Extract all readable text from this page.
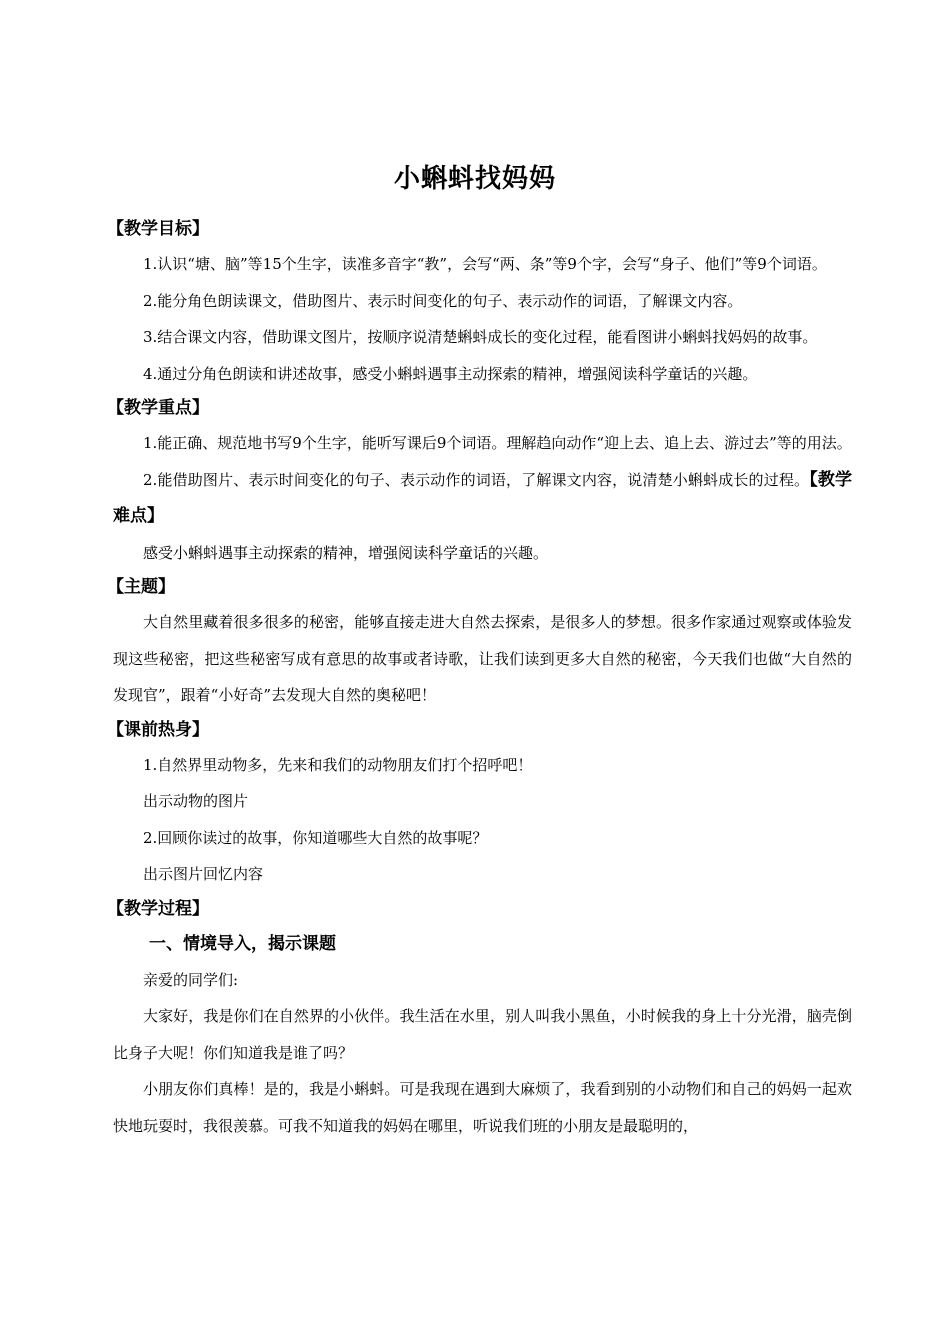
小蝌蚪找妈妈
【教学目标】

1.认识“塘、脑”等15个生字，读准多音字“教”，会写“两、条”等9个字，会写“身子、他们”等9个词语。

2.能分角色朗读课文，借助图片、表示时间变化的句子、表示动作的词语，了解课文内容。

3.结合课文内容，借助课文图片，按顺序说清楚蝌蚪成长的变化过程，能看图讲小蝌蚪找妈妈的故事。

4.通过分角色朗读和讲述故事，感受小蝌蚪遇事主动探索的精神，增强阅读科学童话的兴趣。

【教学重点】

1.能正确、规范地书写9个生字，能听写课后9个词语。理解趋向动作“迎上去、追上去、游过去”等的用法。

2.能借助图片、表示时间变化的句子、表示动作的词语，了解课文内容，说清楚小蝌蚪成长的过程。【教学难点】

感受小蝌蚪遇事主动探索的精神，增强阅读科学童话的兴趣。

【主题】

大自然里藏着很多很多的秘密，能够直接走进大自然去探索，是很多人的梦想。很多作家通过观察或体验发现这些秘密，把这些秘密写成有意思的故事或者诗歌，让我们读到更多大自然的秘密，今天我们也做“大自然的发现官”，跟着“小好奇”去发现大自然的奥秘吧！

【课前热身】

1.自然界里动物多，先来和我们的动物朋友们打个招呼吧！

出示动物的图片

2.回顾你读过的故事，你知道哪些大自然的故事呢？

出示图片回忆内容

【教学过程】
一、情境导入，揭示课题

亲爱的同学们:

大家好，我是你们在自然界的小伙伴。我生活在水里，别人叫我小黑鱼，小时候我的身上十分光滑，脑壳倒比身子大呢！你们知道我是谁了吗？

小朋友你们真棒！是的，我是小蝌蚪。可是我现在遇到大麻烦了，我看到别的小动物们和自己的妈妈一起欢快地玩耍时，我很羡慕。可我不知道我的妈妈在哪里，听说我们班的小朋友是最聪明的，
